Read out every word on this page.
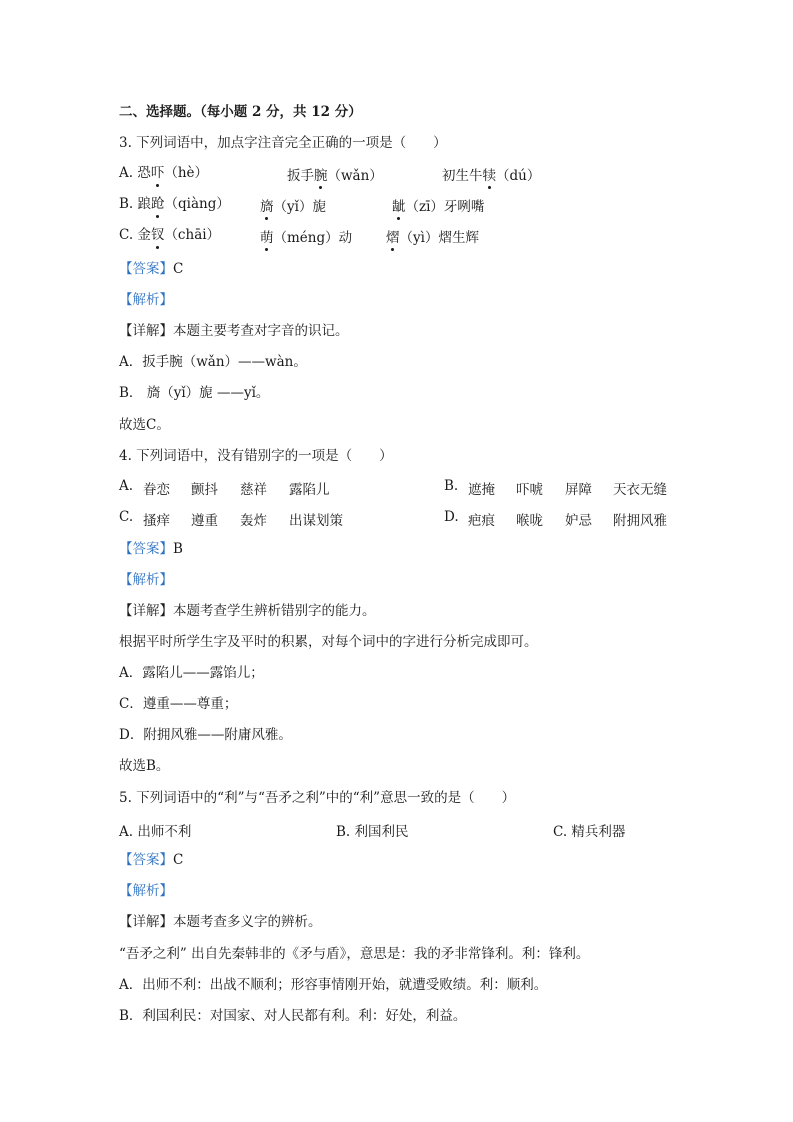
二、选择题。（每小题 2 分，共 12 分）
3. 下列词语中，加点字注音完全正确的一项是（　　）
A. 恐吓（hè）	扳手腕（wǎn）	初生牛犊（dú）
B. 踉跄（qiàng） 旖（yǐ）旎	龇（zī）牙咧嘴
C. 金钗（chāi）	萌（méng）动	熠（yì）熠生辉
【答案】C
【解析】
【详解】本题主要考查对字音的识记。
A．扳手腕（wǎn）——wàn。
B． 旖（yǐ）旎 ——yǐ。
故选C。
4. 下列词语中，没有错别字的一项是（　　）
A. 眷恋 颤抖 慈祥 露陷儿	B. 遮掩 吓唬 屏障 天衣无缝
C. 搔痒 遵重 轰炸 出谋划策	D. 疤痕 喉咙 妒忌 附拥风雅
【答案】B
【解析】
【详解】本题考查学生辨析错别字的能力。
根据平时所学生字及平时的积累，对每个词中的字进行分析完成即可。
A．露陷儿——露馅儿；
C．遵重——尊重；
D．附拥风雅——附庸风雅。
故选B。
5. 下列词语中的“利”与“吾矛之利”中的“利”意思一致的是（　　）
A. 出师不利	B. 利国利民	C. 精兵利器
【答案】C
【解析】
【详解】本题考查多义字的辨析。
“吾矛之利” 出自先秦韩非的《矛与盾》，意思是：我的矛非常锋利。利：锋利。
A．出师不利：出战不顺利；形容事情刚开始，就遭受败绩。利：顺利。
B．利国利民：对国家、对人民都有利。利：好处，利益。
